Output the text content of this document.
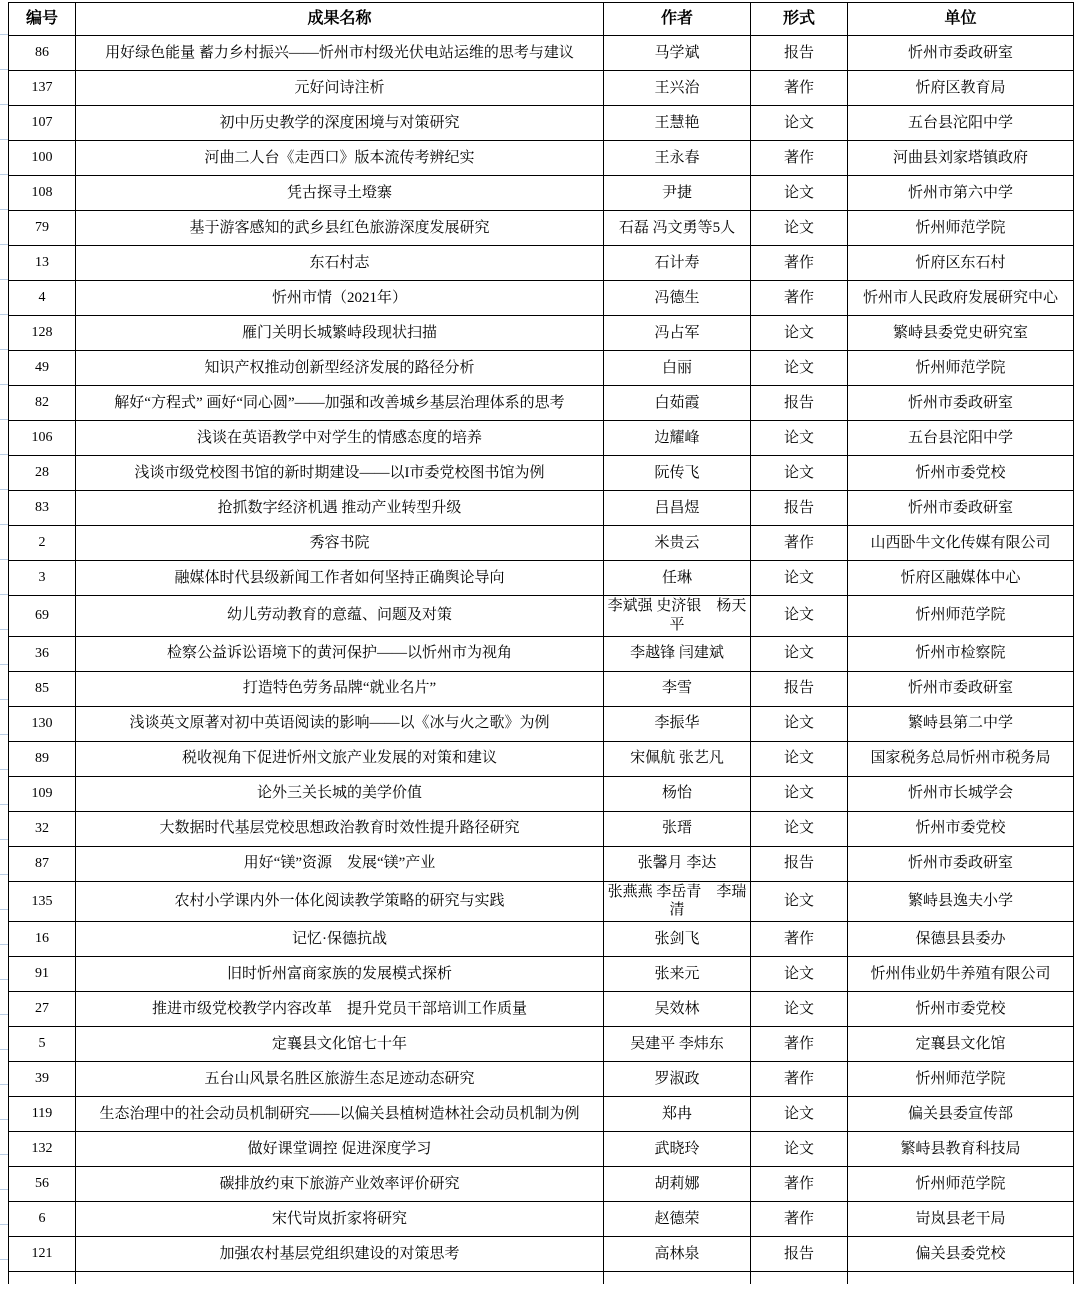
编号	成果名称	作者	形式	单位
86	用好绿色能量 蓄力乡村振兴——忻州市村级光伏电站运维的思考与建议	马学斌	报告	忻州市委政研室
137	元好问诗注析	王兴治	著作	忻府区教育局
107	初中历史教学的深度困境与对策研究	王慧艳	论文	五台县沱阳中学
100	河曲二人台《走西口》版本流传考辨纪实	王永春	著作	河曲县刘家塔镇政府
108	凭古探寻土墱寨	尹捷	论文	忻州市第六中学
79	基于游客感知的武乡县红色旅游深度发展研究	石磊 冯文勇等5人	论文	忻州师范学院
13	东石村志	石计寿	著作	忻府区东石村
4	忻州市情（2021年）	冯德生	著作	忻州市人民政府发展研究中心
128	雁门关明长城繁峙段现状扫描	冯占军	论文	繁峙县委党史研究室
49	知识产权推动创新型经济发展的路径分析	白丽	论文	忻州师范学院
82	解好“方程式” 画好“同心圆”——加强和改善城乡基层治理体系的思考	白茹霞	报告	忻州市委政研室
106	浅谈在英语教学中对学生的情感态度的培养	边耀峰	论文	五台县沱阳中学
28	浅谈市级党校图书馆的新时期建设——以I市委党校图书馆为例	阮传飞	论文	忻州市委党校
83	抢抓数字经济机遇 推动产业转型升级	吕昌煜	报告	忻州市委政研室
2	秀容书院	米贵云	著作	山西卧牛文化传媒有限公司
3	融媒体时代县级新闻工作者如何坚持正确舆论导向	任琳	论文	忻府区融媒体中心
69	幼儿劳动教育的意蕴、问题及对策	李斌强 史济银　杨天平	论文	忻州师范学院
36	检察公益诉讼语境下的黄河保护——以忻州市为视角	李越锋 闫建斌	论文	忻州市检察院
85	打造特色劳务品牌“就业名片”	李雪	报告	忻州市委政研室
130	浅谈英文原著对初中英语阅读的影响——以《冰与火之歌》为例	李振华	论文	繁峙县第二中学
89	税收视角下促进忻州文旅产业发展的对策和建议	宋佩航 张艺凡	论文	国家税务总局忻州市税务局
109	论外三关长城的美学价值	杨怡	论文	忻州市长城学会
32	大数据时代基层党校思想政治教育时效性提升路径研究	张瑨	论文	忻州市委党校
87	用好“镁”资源　发展“镁”产业	张馨月 李达	报告	忻州市委政研室
135	农村小学课内外一体化阅读教学策略的研究与实践	张燕燕 李岳青　李瑞清	论文	繁峙县逸夫小学
16	记忆·保德抗战	张剑飞	著作	保德县县委办
91	旧时忻州富商家族的发展模式探析	张来元	论文	忻州伟业奶牛养殖有限公司
27	推进市级党校教学内容改革　提升党员干部培训工作质量	吴效林	论文	忻州市委党校
5	定襄县文化馆七十年	吴建平 李炜东	著作	定襄县文化馆
39	五台山风景名胜区旅游生态足迹动态研究	罗淑政	著作	忻州师范学院
119	生态治理中的社会动员机制研究——以偏关县植树造林社会动员机制为例	郑冉	论文	偏关县委宣传部
132	做好课堂调控 促进深度学习	武晓玲	论文	繁峙县教育科技局
56	碳排放约束下旅游产业效率评价研究	胡莉娜	著作	忻州师范学院
6	宋代岢岚折家将研究	赵德荣	著作	岢岚县老干局
121	加强农村基层党组织建设的对策思考	高林泉	报告	偏关县委党校
